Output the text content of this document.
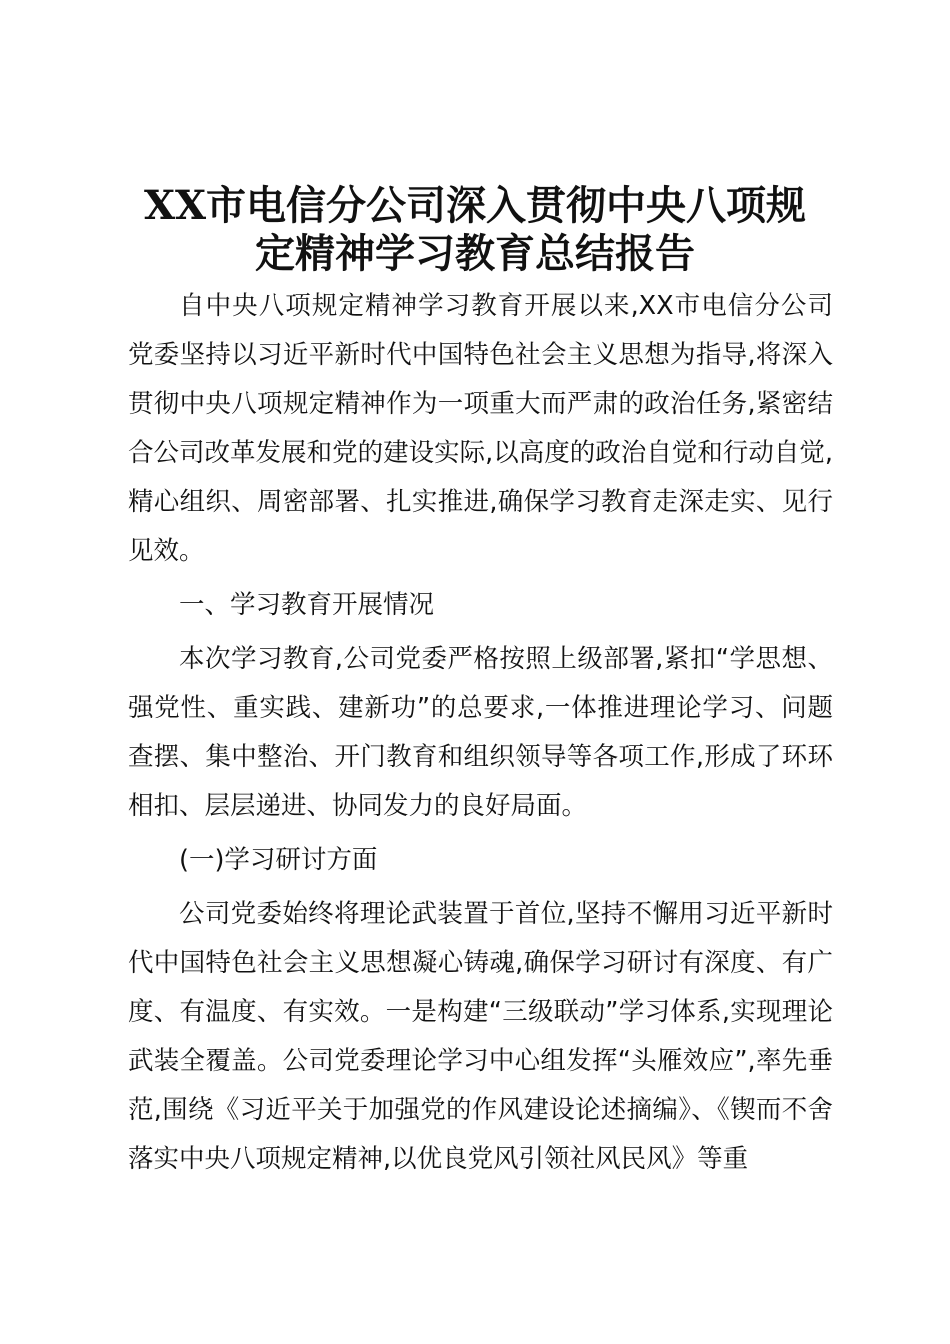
XX市电信分公司深入贯彻中央八项规
定精神学习教育总结报告

自中央八项规定精神学习教育开展以来,XX市电信分公司党委坚持以习近平新时代中国特色社会主义思想为指导,将深入贯彻中央八项规定精神作为一项重大而严肃的政治任务,紧密结合公司改革发展和党的建设实际,以高度的政治自觉和行动自觉,精心组织、周密部署、扎实推进,确保学习教育走深走实、见行见效。

一、学习教育开展情况

本次学习教育,公司党委严格按照上级部署,紧扣“学思想、强党性、重实践、建新功”的总要求,一体推进理论学习、问题查摆、集中整治、开门教育和组织领导等各项工作,形成了环环相扣、层层递进、协同发力的良好局面。

(一)学习研讨方面

公司党委始终将理论武装置于首位,坚持不懈用习近平新时代中国特色社会主义思想凝心铸魂,确保学习研讨有深度、有广度、有温度、有实效。一是构建“三级联动”学习体系,实现理论武装全覆盖。公司党委理论学习中心组发挥“头雁效应”,率先垂范,围绕《习近平关于加强党的作风建设论述摘编》、《锲而不舍落实中央八项规定精神,以优良党风引领社风民风》等重
